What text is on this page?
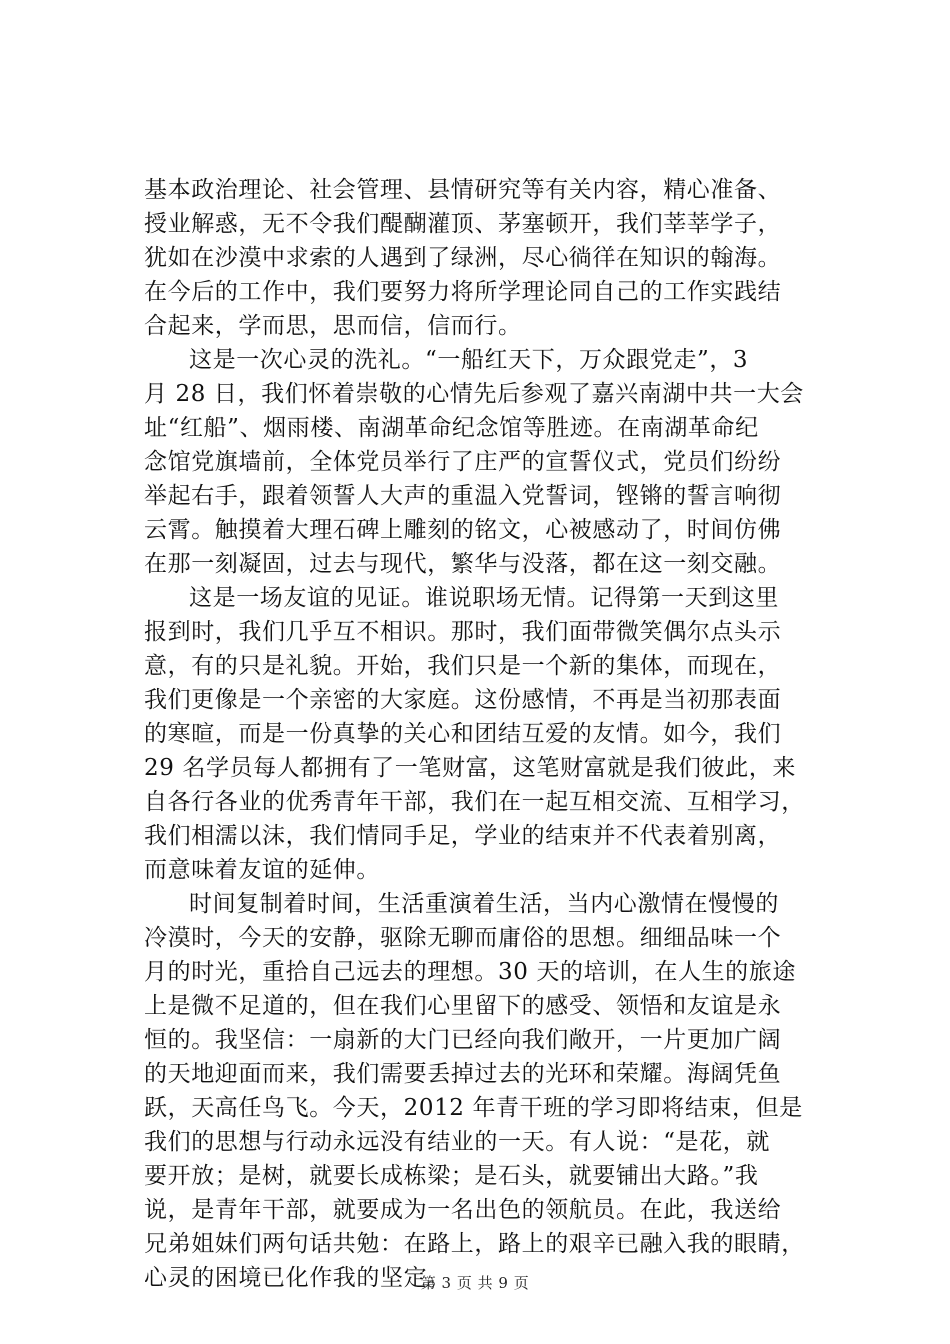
基本政治理论、社会管理、县情研究等有关内容，精心准备、
授业解惑，无不令我们醍醐灌顶、茅塞顿开，我们莘莘学子，
犹如在沙漠中求索的人遇到了绿洲，尽心徜徉在知识的翰海。
在今后的工作中，我们要努力将所学理论同自己的工作实践结
合起来，学而思，思而信，信而行。
这是一次心灵的洗礼。“一船红天下，万众跟党走”，3
月 28 日，我们怀着崇敬的心情先后参观了嘉兴南湖中共一大会
址“红船”、烟雨楼、南湖革命纪念馆等胜迹。在南湖革命纪
念馆党旗墙前，全体党员举行了庄严的宣誓仪式，党员们纷纷
举起右手，跟着领誓人大声的重温入党誓词，铿锵的誓言响彻
云霄。触摸着大理石碑上雕刻的铭文，心被感动了，时间仿佛
在那一刻凝固，过去与现代，繁华与没落，都在这一刻交融。
这是一场友谊的见证。谁说职场无情。记得第一天到这里
报到时，我们几乎互不相识。那时，我们面带微笑偶尔点头示
意，有的只是礼貌。开始，我们只是一个新的集体，而现在，
我们更像是一个亲密的大家庭。这份感情，不再是当初那表面
的寒暄，而是一份真挚的关心和团结互爱的友情。如今，我们
29 名学员每人都拥有了一笔财富，这笔财富就是我们彼此，来
自各行各业的优秀青年干部，我们在一起互相交流、互相学习，
我们相濡以沫，我们情同手足，学业的结束并不代表着别离，
而意味着友谊的延伸。
时间复制着时间，生活重演着生活，当内心激情在慢慢的
冷漠时，今天的安静，驱除无聊而庸俗的思想。细细品味一个
月的时光，重拾自己远去的理想。30 天的培训，在人生的旅途
上是微不足道的，但在我们心里留下的感受、领悟和友谊是永
恒的。我坚信：一扇新的大门已经向我们敞开，一片更加广阔
的天地迎面而来，我们需要丢掉过去的光环和荣耀。海阔凭鱼
跃，天高任鸟飞。今天，2012 年青干班的学习即将结束，但是
我们的思想与行动永远没有结业的一天。有人说：“是花，就
要开放；是树，就要长成栋梁；是石头，就要铺出大路。”我
说，是青年干部，就要成为一名出色的领航员。在此，我送给
兄弟姐妹们两句话共勉：在路上，路上的艰辛已融入我的眼睛，
心灵的困境已化作我的坚定。
第 3 页 共 9 页
